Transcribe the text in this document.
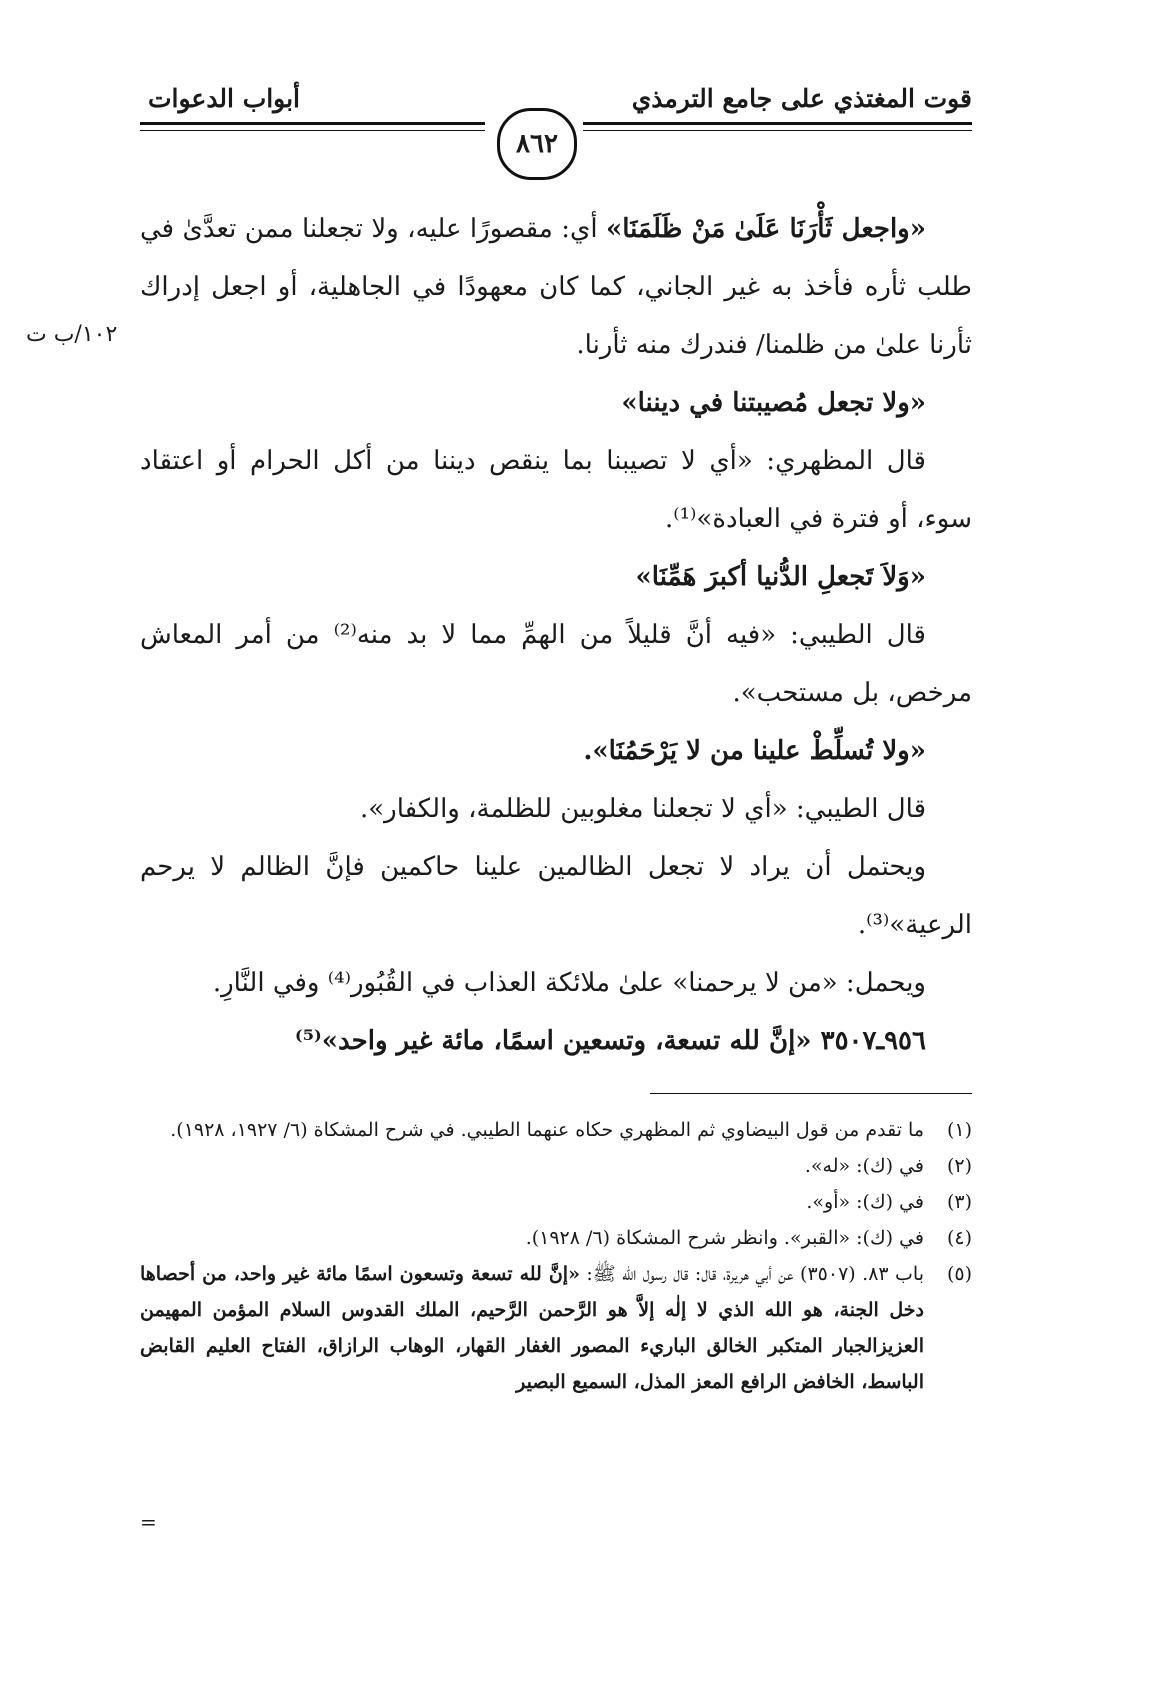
قوت المغتذي على جامع الترمذي
أبواب الدعوات
٨٦٢
١٠٢/ب ت

«واجعل ثَأْرَنَا عَلَىٰ مَنْ ظَلَمَنَا» أي: مقصورًا عليه، ولا تجعلنا ممن تعدَّىٰ في طلب ثأره فأخذ به غير الجاني، كما كان معهودًا في الجاهلية، أو اجعل إدراك ثأرنا علىٰ من ظلمنا/ فندرك منه ثأرنا.

«ولا تجعل مُصيبتنا في ديننا»

قال المظهري: «أي لا تصيبنا بما ينقص ديننا من أكل الحرام أو اعتقاد سوء، أو فترة في العبادة»⁽¹⁾.

«وَلاَ تَجعلِ الدُّنيا أكبرَ هَمِّنَا»

قال الطيبي: «فيه أنَّ قليلاً من الهمِّ مما لا بد منه⁽²⁾ من أمر المعاش مرخص، بل مستحب».

«ولا تُسلِّطْ علينا من لا يَرْحَمُنَا».

قال الطيبي: «أي لا تجعلنا مغلوبين للظلمة، والكفار».

ويحتمل أن يراد لا تجعل الظالمين علينا حاكمين فإنَّ الظالم لا يرحم الرعية»⁽³⁾.

ويحمل: «من لا يرحمنا» علىٰ ملائكة العذاب في القُبُور⁽⁴⁾ وفي النَّارِ.

٩٥٦ـ٣٥٠٧ «إنَّ لله تسعة، وتسعين اسمًا، مائة غير واحد»⁽⁵⁾

(١)
ما تقدم من قول البيضاوي ثم المظهري حكاه عنهما الطيبي. في شرح المشكاة (٦/ ١٩٢٧، ١٩٢٨).
(٢)
في (ك): «له».
(٣)
في (ك): «أو».
(٤)
في (ك): «القبر». وانظر شرح المشكاة (٦/ ١٩٢٨).
(٥)
باب ٨٣. (٣٥٠٧) عن أبي هريرة، قال: قال رسول الله ﷺ: «إنَّ لله تسعة وتسعون اسمًا مائة غير واحد، من أحصاها دخل الجنة، هو الله الذي لا إلٰه إلاَّ هو الرَّحمن الرَّحيم، الملك القدوس السلام المؤمن المهيمن العزيزالجبار المتكبر الخالق الباريء المصور الغفار القهار، الوهاب الرازاق، الفتاح العليم القابض الباسط، الخافض الرافع المعز المذل، السميع البصير
=
